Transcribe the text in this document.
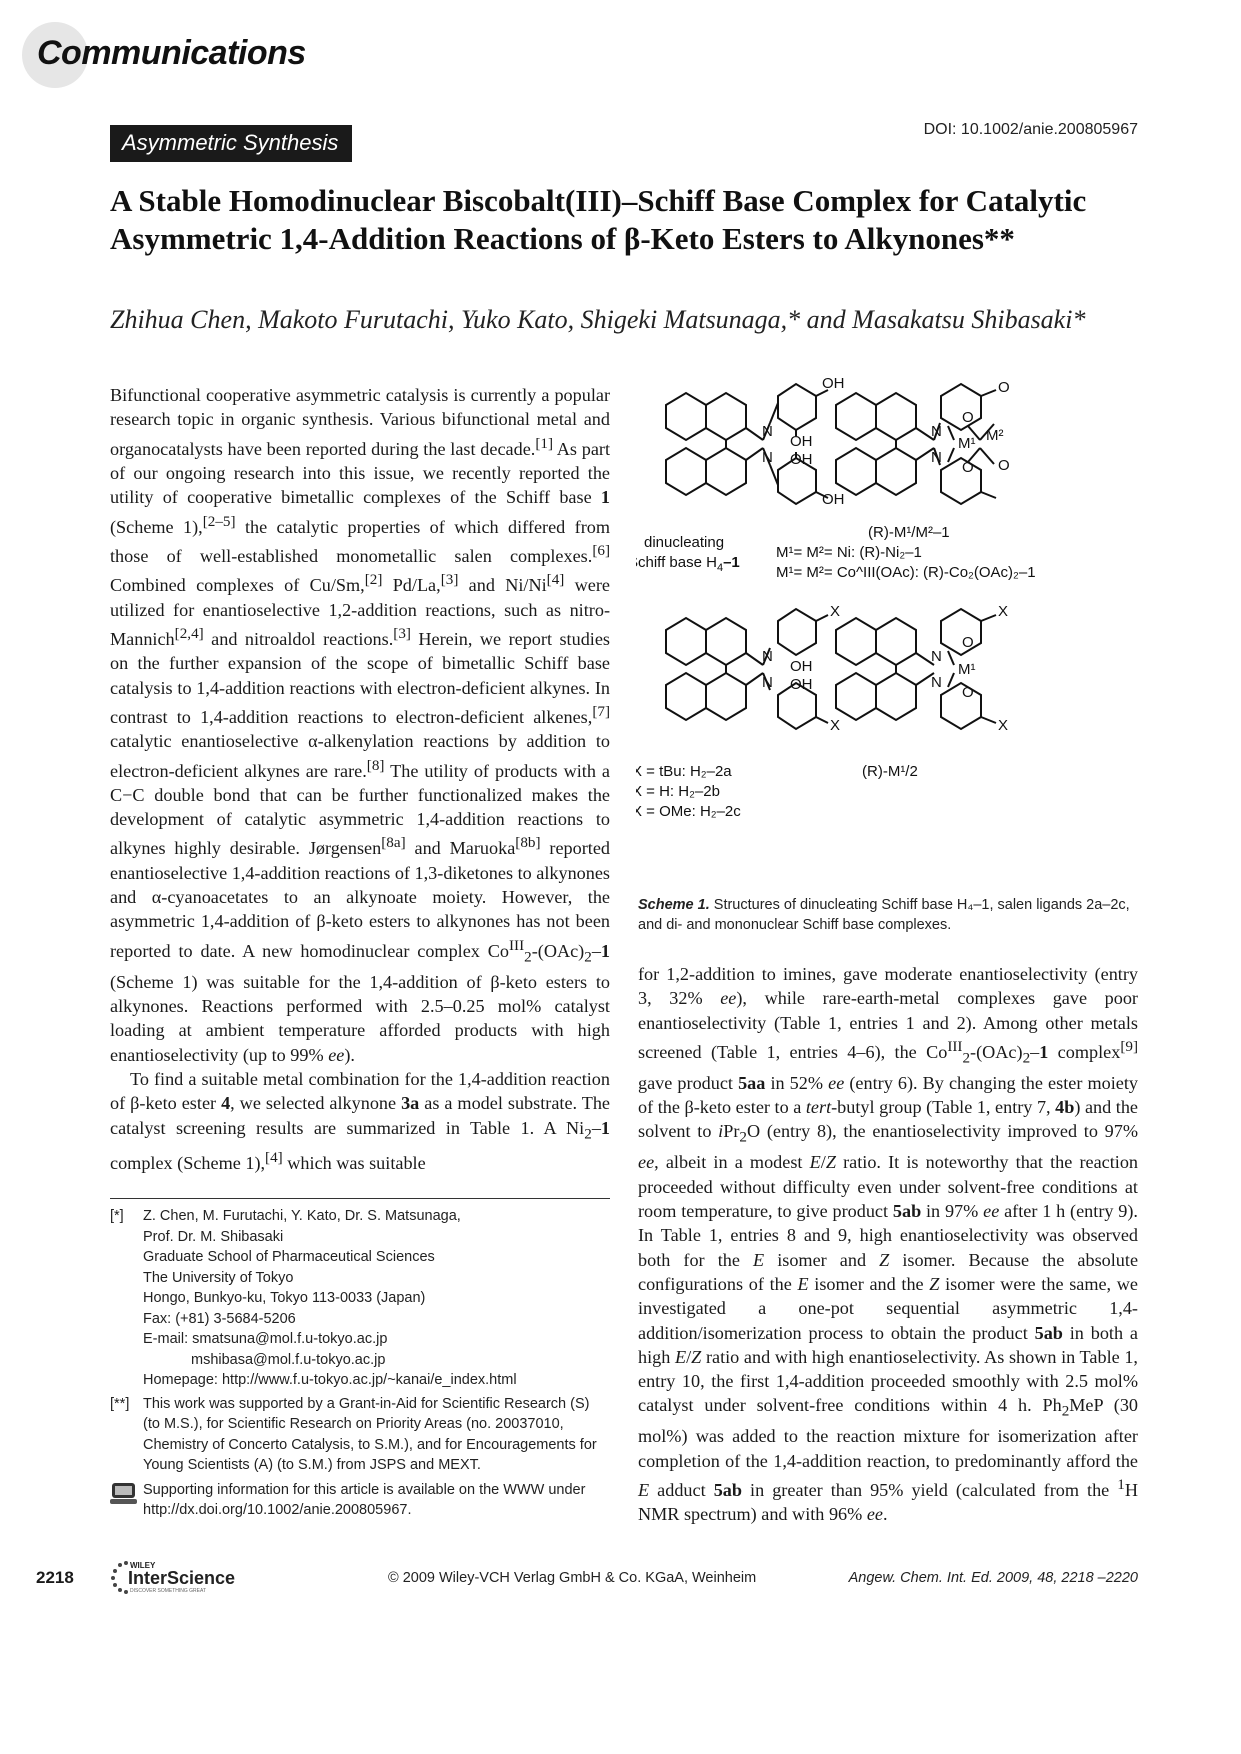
Communications
Asymmetric Synthesis
DOI: 10.1002/anie.200805967
A Stable Homodinuclear Biscobalt(III)–Schiff Base Complex for Catalytic Asymmetric 1,4-Addition Reactions of β-Keto Esters to Alkynones**
Zhihua Chen, Makoto Furutachi, Yuko Kato, Shigeki Matsunaga,* and Masakatsu Shibasaki*

Bifunctional cooperative asymmetric catalysis is currently a popular research topic in organic synthesis. Various bifunctional metal and organocatalysts have been reported during the last decade.[1] As part of our ongoing research into this issue, we recently reported the utility of cooperative bimetallic complexes of the Schiff base 1 (Scheme 1),[2–5] the catalytic properties of which differed from those of well-established monometallic salen complexes.[6] Combined complexes of Cu/Sm,[2] Pd/La,[3] and Ni/Ni[4] were utilized for enantioselective 1,2-addition reactions, such as nitro-Mannich[2,4] and nitroaldol reactions.[3] Herein, we report studies on the further expansion of the scope of bimetallic Schiff base catalysis to 1,4-addition reactions with electron-deficient alkynes. In contrast to 1,4-addition reactions to electron-deficient alkenes,[7] catalytic enantioselective α-alkenylation reactions by addition to electron-deficient alkynes are rare.[8] The utility of products with a C−C double bond that can be further functionalized makes the development of catalytic asymmetric 1,4-addition reactions to alkynes highly desirable. Jørgensen[8a] and Maruoka[8b] reported enantioselective 1,4-addition reactions of 1,3-diketones to alkynones and α-cyanoacetates to an alkynoate moiety. However, the asymmetric 1,4-addition of β-keto esters to alkynones has not been reported to date. A new homodinuclear complex $Co^{III}_2-(OAc)_2-1$ (Scheme 1) was suitable for the 1,4-addition of β-keto esters to alkynones. Reactions performed with 2.5–0.25 mol% catalyst loading at ambient temperature afforded products with high enantioselectivity (up to 99% ee).

To find a suitable metal combination for the 1,4-addition reaction of β-keto ester 4, we selected alkynone 3a as a model substrate. The catalyst screening results are summarized in Table 1. A $Ni_2-1$ complex (Scheme 1),[4] which was suitable

for 1,2-addition to imines, gave moderate enantioselectivity (entry 3, 32% ee), while rare-earth-metal complexes gave poor enantioselectivity (Table 1, entries 1 and 2). Among other metals screened (Table 1, entries 4–6), the $Co^{III}_2-(OAc)_2-1$ complex[9] gave product 5aa in 52% ee (entry 6). By changing the ester moiety of the β-keto ester to a tert-butyl group (Table 1, entry 7, 4b) and the solvent to iPr$_2$O (entry 8), the enantioselectivity improved to 97% ee, albeit in a modest E/Z ratio. It is noteworthy that the reaction proceeded without difficulty even under solvent-free conditions at room temperature, to give product 5ab in 97% ee after 1 h (entry 9). In Table 1, entries 8 and 9, high enantioselectivity was observed both for the E isomer and Z isomer. Because the absolute configurations of the E isomer and the Z isomer were the same, we investigated a one-pot sequential asymmetric 1,4-addition/isomerization process to obtain the product 5ab in both a high E/Z ratio and with high enantioselectivity. As shown in Table 1, entry 10, the first 1,4-addition proceeded smoothly with 2.5 mol% catalyst under solvent-free conditions within 4 h. $Ph_2MeP$ (30 mol%) was added to the reaction mixture for isomerization after completion of the 1,4-addition reaction, to predominantly afford the E adduct 5ab in greater than 95% yield (calculated from the $^1$H NMR spectrum) and with 96% ee.

OH
OH
N
N OH
OH
O
O
N
N
O
O
M¹ M²
X
OH
N
N OH
X
X
N
N
O
O
M¹
X
dinucleating
Schiff base $H_4-1$
(R)-M¹/M²–1
M¹= M²= Ni: (R)-Ni₂–1
M¹= M²= Co^III(OAc): (R)-Co₂(OAc)₂–1
X = tBu: H₂–2a
X = H: H₂–2b
X = OMe: H₂–2c
(R)-M¹/2
Scheme 1. Structures of dinucleating Schiff base H₄–1, salen ligands 2a–2c, and di- and mononuclear Schiff base complexes.
[*] Z. Chen, M. Furutachi, Y. Kato, Dr. S. Matsunaga,
Prof. Dr. M. Shibasaki
Graduate School of Pharmaceutical Sciences
The University of Tokyo
Hongo, Bunkyo-ku, Tokyo 113-0033 (Japan)
Fax: (+81) 3-5684-5206
E-mail: smatsuna@mol.f.u-tokyo.ac.jp
mshibasa@mol.f.u-tokyo.ac.jp
Homepage: http://www.f.u-tokyo.ac.jp/~kanai/e_index.html
[**] This work was supported by a Grant-in-Aid for Scientific Research (S) (to M.S.), for Scientific Research on Priority Areas (no. 20037010, Chemistry of Concerto Catalysis, to S.M.), and for Encouragements for Young Scientists (A) (to S.M.) from JSPS and MEXT.
Supporting information for this article is available on the WWW under http://dx.doi.org/10.1002/anie.200805967.
2218
WILEY
InterScience
DISCOVER SOMETHING GREAT
© 2009 Wiley-VCH Verlag GmbH & Co. KGaA, Weinheim	Angew. Chem. Int. Ed. 2009, 48, 2218 –2220
